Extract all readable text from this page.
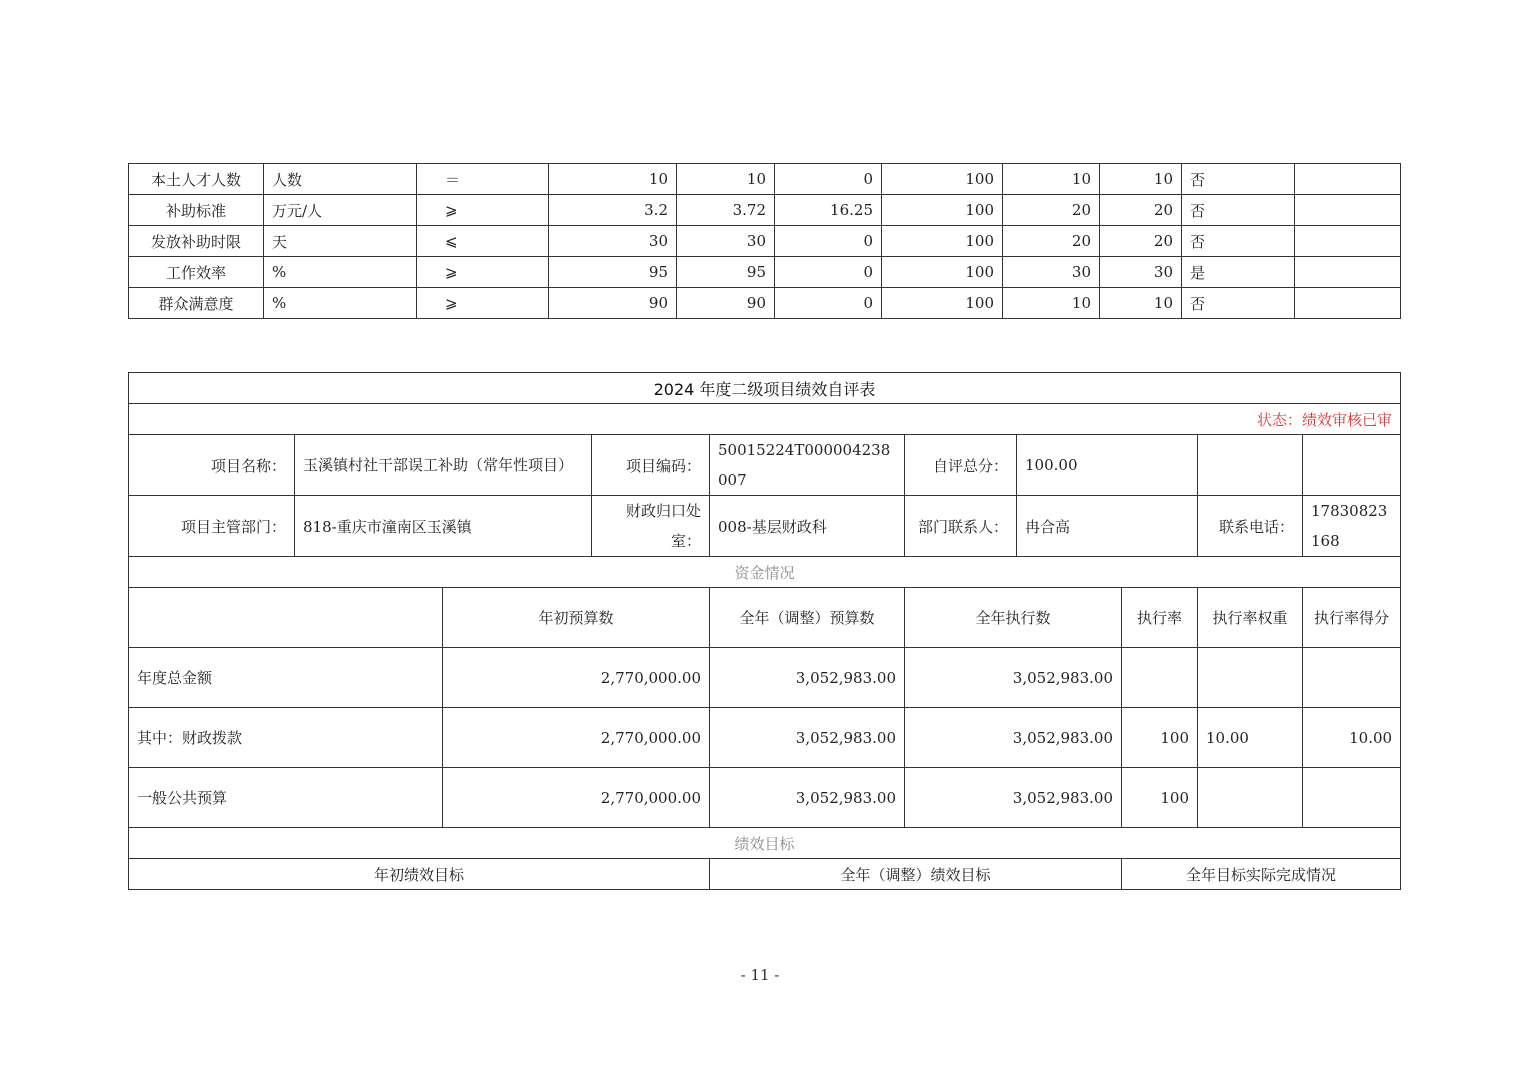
本土人才人数	人数	＝	10	10	0	100	10	10	否	
补助标准	万元/人	⩾	3.2	3.72	16.25	100	20	20	否	
发放补助时限	天	⩽	30	30	0	100	20	20	否	
工作效率	%	⩾	95	95	0	100	30	30	是	
群众满意度	%	⩾	90	90	0	100	10	10	否	
2024 年度二级项目绩效自评表									
状态：绩效审核已审									
项目名称：	玉溪镇村社干部误工补助（常年性项目）		项目编码：	50015224T000004238007	自评总分：	100.00			
项目主管部门：	818-重庆市潼南区玉溪镇		财政归口处室：	008-基层财政科	部门联系人：	冉合高		联系电话：	17830823168
资金情况									
		年初预算数		全年（调整）预算数	全年执行数		执行率	执行率权重	执行率得分
年度总金额		2,770,000.00		3,052,983.00	3,052,983.00				
其中：财政拨款		2,770,000.00		3,052,983.00	3,052,983.00		100	10.00	10.00
一般公共预算		2,770,000.00		3,052,983.00	3,052,983.00		100		
绩效目标									
年初绩效目标				全年（调整）绩效目标			全年目标实际完成情况		
- 11 -
